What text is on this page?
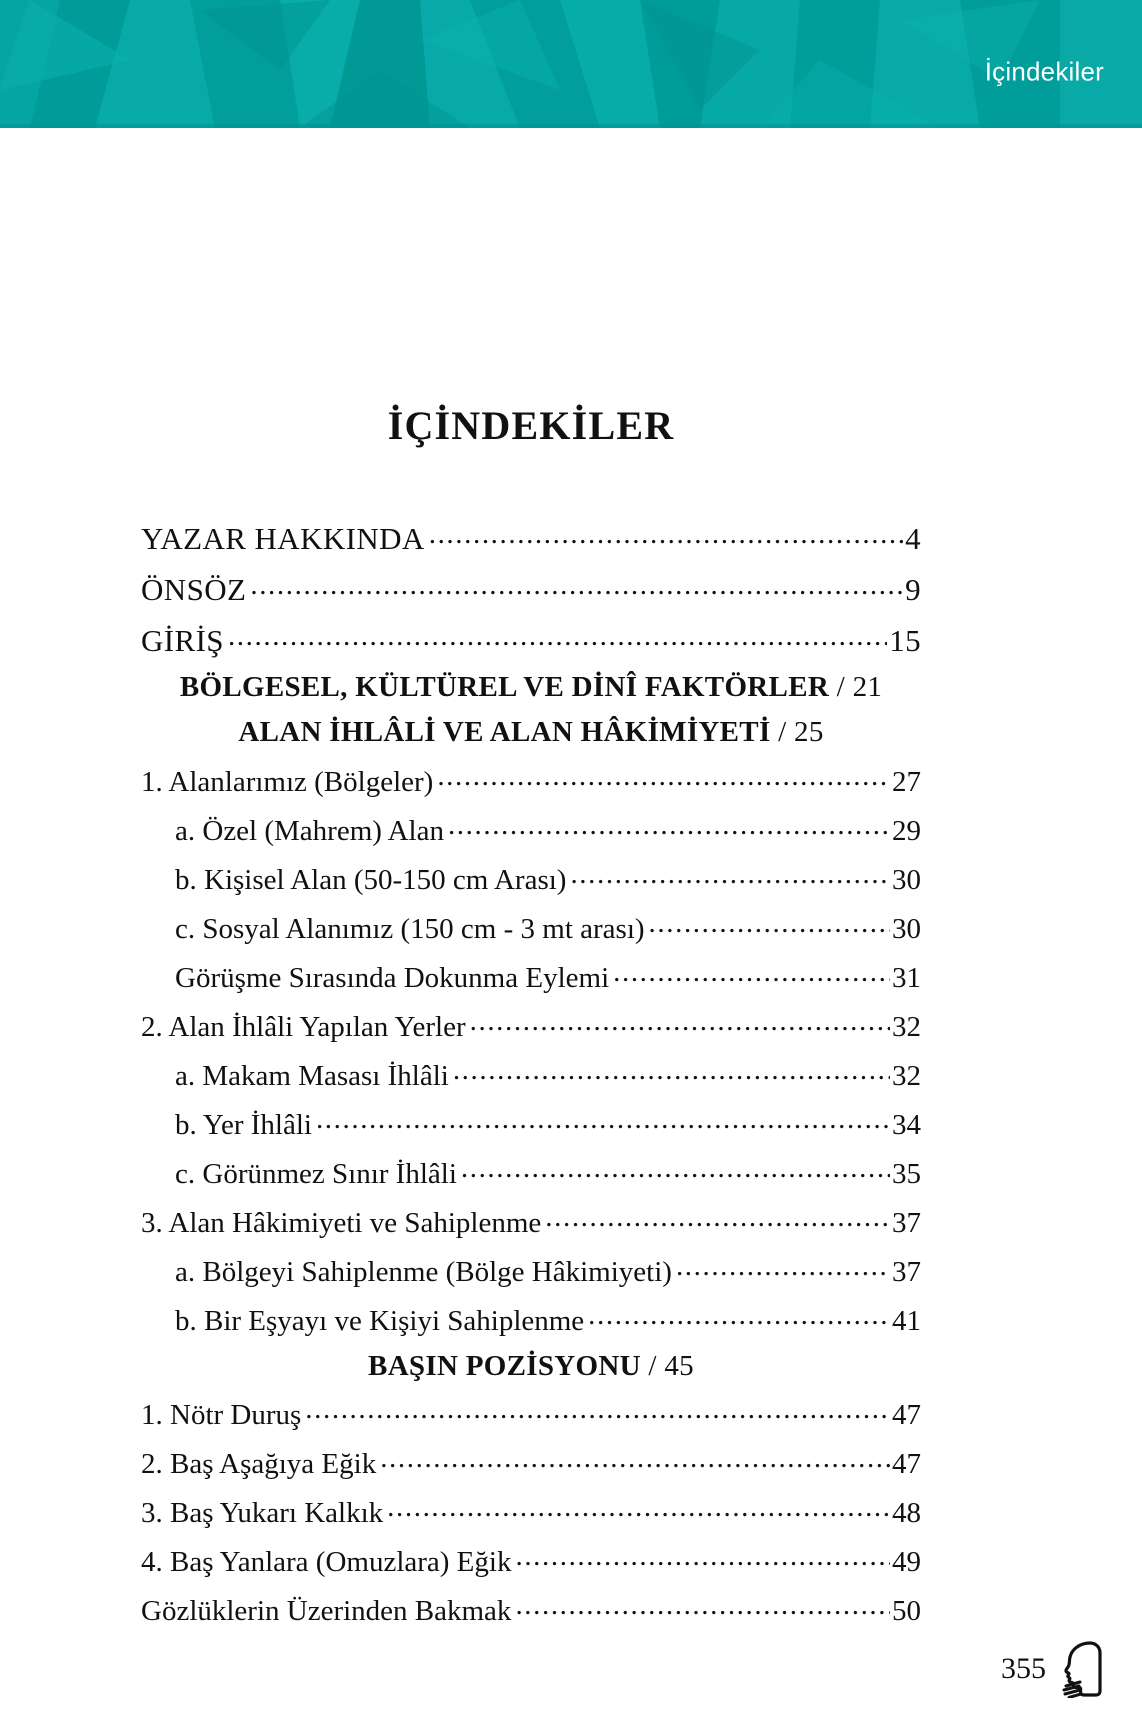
İçindekiler
İÇİNDEKİLER
YAZAR HAKKINDA .....	4
ÖNSÖZ .....	9
GİRİŞ .....	15
BÖLGESEL, KÜLTÜREL VE DİNÎ FAKTÖRLER / 21
ALAN İHLÂLİ VE ALAN HÂKİMİYETİ / 25
1. Alanlarımız (Bölgeler) .....	27
a. Özel (Mahrem) Alan .....	29
b. Kişisel Alan (50-150 cm Arası) .....	30
c. Sosyal Alanımız (150 cm - 3 mt arası) .....	30
Görüşme Sırasında Dokunma Eylemi .....	31
2. Alan İhlâli Yapılan Yerler .....	32
a. Makam Masası İhlâli .....	32
b. Yer İhlâli .....	34
c. Görünmez Sınır İhlâli .....	35
3. Alan Hâkimiyeti ve Sahiplenme .....	37
a. Bölgeyi Sahiplenme (Bölge Hâkimiyeti) .....	37
b. Bir Eşyayı ve Kişiyi Sahiplenme .....	41
BAŞIN POZİSYONU / 45
1. Nötr Duruş .....	47
2. Baş Aşağıya Eğik .....	47
3. Baş Yukarı Kalkık .....	48
4. Baş Yanlara (Omuzlara) Eğik .....	49
Gözlüklerin Üzerinden Bakmak .....	50
355
